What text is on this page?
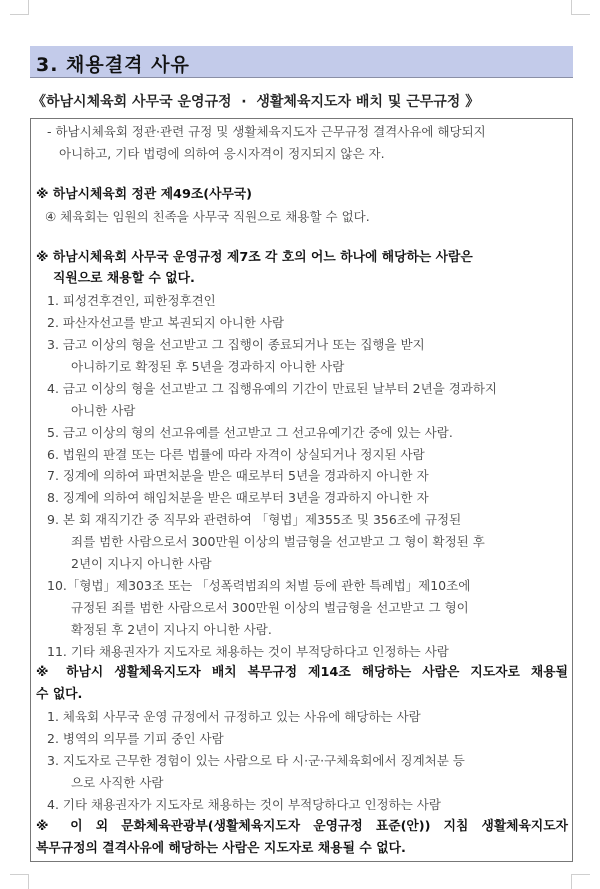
3. 채용결격 사유
《하남시체육회 사무국 운영규정  ·  생활체육지도자 배치 및 근무규정 》
- 하남시체육회 정관·관련 규정 및 생활체육지도자 근무규정 결격사유에 해당되지
아니하고, 기타 법령에 의하여 응시자격이 정지되지 않은 자.
※ 하남시체육회 정관 제49조(사무국)
④ 체육회는 임원의 친족을 사무국 직원으로 채용할 수 없다.
※ 하남시체육회 사무국 운영규정 제7조 각 호의 어느 하나에 해당하는 사람은
직원으로 채용할 수 없다.
1. 피성견후견인, 피한정후견인
2. 파산자선고를 받고 복권되지 아니한 사람
3. 금고 이상의 형을 선고받고 그 집행이 종료되거나 또는 집행을 받지
아니하기로 확정된 후 5년을 경과하지 아니한 사람
4. 금고 이상의 형을 선고받고 그 집행유예의 기간이 만료된 날부터 2년을 경과하지
아니한 사람
5. 금고 이상의 형의 선고유예를 선고받고 그 선고유예기간 중에 있는 사람.
6. 법원의 판결 또는 다른 법률에 따라 자격이 상실되거나 정지된 사람
7. 징계에 의하여 파면처분을 받은 때로부터 5년을 경과하지 아니한 자
8. 징계에 의하여 해임처분을 받은 때로부터 3년을 경과하지 아니한 자
9. 본 회 재직기간 중 직무와 관련하여 「형법」제355조 및 356조에 규정된
죄를 범한 사람으로서 300만원 이상의 벌금형을 선고받고 그 형이 확정된 후
2년이 지나지 아니한 사람
10.「형법」제303조 또는 「성폭력범죄의 처벌 등에 관한 특례법」제10조에
규정된 죄를 범한 사람으로서 300만원 이상의 벌금형을 선고받고 그 형이
확정된 후 2년이 지나지 아니한 사람.
11. 기타 채용권자가 지도자로 채용하는 것이 부적당하다고 인정하는 사람
※ 하남시 생활체육지도자 배치 복무규정 제14조 해당하는 사람은 지도자로 채용될
수 없다.
1. 체육회 사무국 운영 규정에서 규정하고 있는 사유에 해당하는 사람
2. 병역의 의무를 기피 중인 사람
3. 지도자로 근무한 경험이 있는 사람으로 타 시·군·구체육회에서 징계처분 등
으로 사직한 사람
4. 기타 채용권자가 지도자로 채용하는 것이 부적당하다고 인정하는 사람
※ 이 외 문화체육관광부(생활체육지도자 운영규정 표준(안)) 지침 생활체육지도자
복무규정의 결격사유에 해당하는 사람은 지도자로 채용될 수 없다.
